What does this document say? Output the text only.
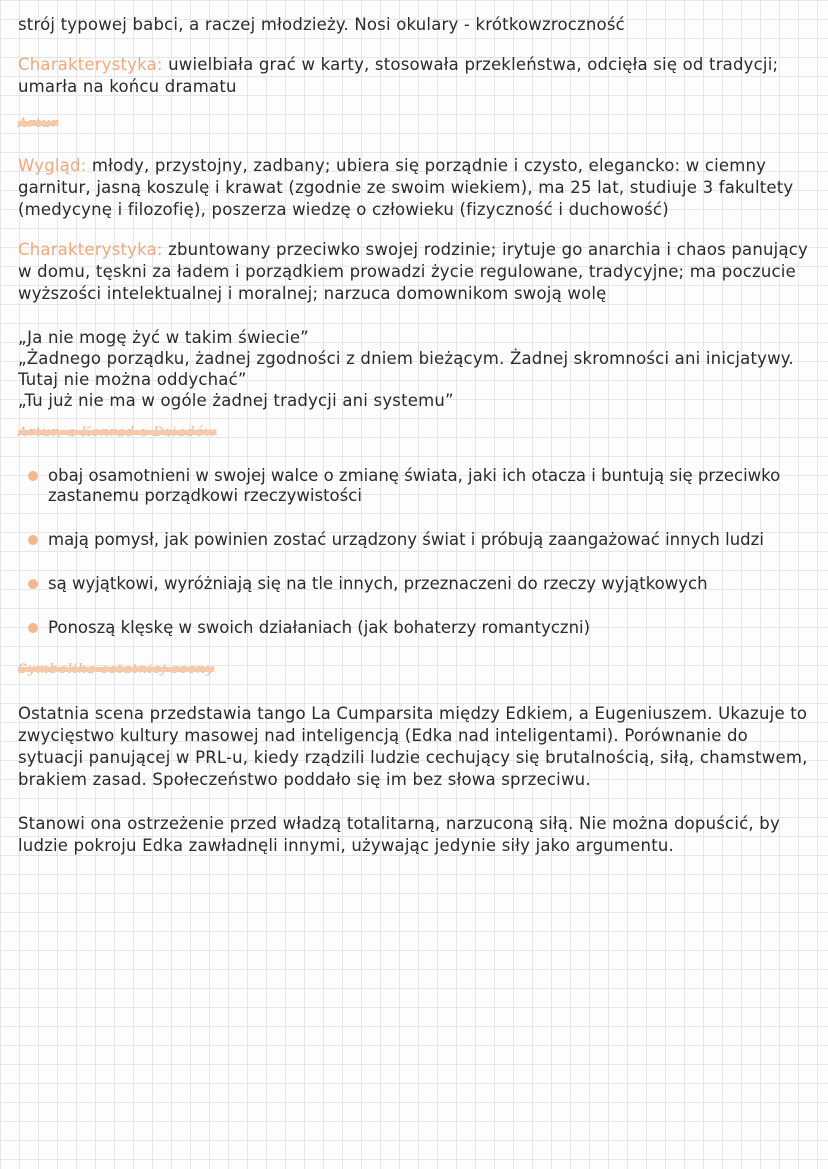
strój typowej babci, a raczej młodzieży. Nosi okulary - krótkowzroczność

Charakterystyka: uwielbiała grać w karty, stosowała przekleństwa, odcięła się od tradycji; umarła na końcu dramatu

Artur

Wygląd: młody, przystojny, zadbany; ubiera się porządnie i czysto, elegancko: w ciemny garnitur, jasną koszulę i krawat (zgodnie ze swoim wiekiem), ma 25 lat, studiuje 3 fakultety (medycynę i filozofię), poszerza wiedzę o człowieku (fizyczność i duchowość)

Charakterystyka: zbuntowany przeciwko swojej rodzinie; irytuje go anarchia i chaos panujący w domu, tęskni za ładem i porządkiem prowadzi życie regulowane, tradycyjne; ma poczucie wyższości intelektualnej i moralnej; narzuca domownikom swoją wolę

„Ja nie mogę żyć w takim świecie”

„Żadnego porządku, żadnej zgodności z dniem bieżącym. Żadnej skromności ani inicjatywy. Tutaj nie można oddychać”

„Tu już nie ma w ogóle żadnej tradycji ani systemu”

Artur, a Konrad z Dziadów
obaj osamotnieni w swojej walce o zmianę świata, jaki ich otacza i buntują się przeciwko zastanemu porządkowi rzeczywistości
mają pomysł, jak powinien zostać urządzony świat i próbują zaangażować innych ludzi
są wyjątkowi, wyróżniają się na tle innych, przeznaczeni do rzeczy wyjątkowych
Ponoszą klęskę w swoich działaniach (jak bohaterzy romantyczni)
Symbolika ostatniej sceny

Ostatnia scena przedstawia tango La Cumparsita między Edkiem, a Eugeniuszem. Ukazuje to zwycięstwo kultury masowej nad inteligencją (Edka nad inteligentami). Porównanie do sytuacji panującej w PRL-u, kiedy rządzili ludzie cechujący się brutalnością, siłą, chamstwem, brakiem zasad. Społeczeństwo poddało się im bez słowa sprzeciwu.

Stanowi ona ostrzeżenie przed władzą totalitarną, narzuconą siłą. Nie można dopuścić, by ludzie pokroju Edka zawładnęli innymi, używając jedynie siły jako argumentu.
